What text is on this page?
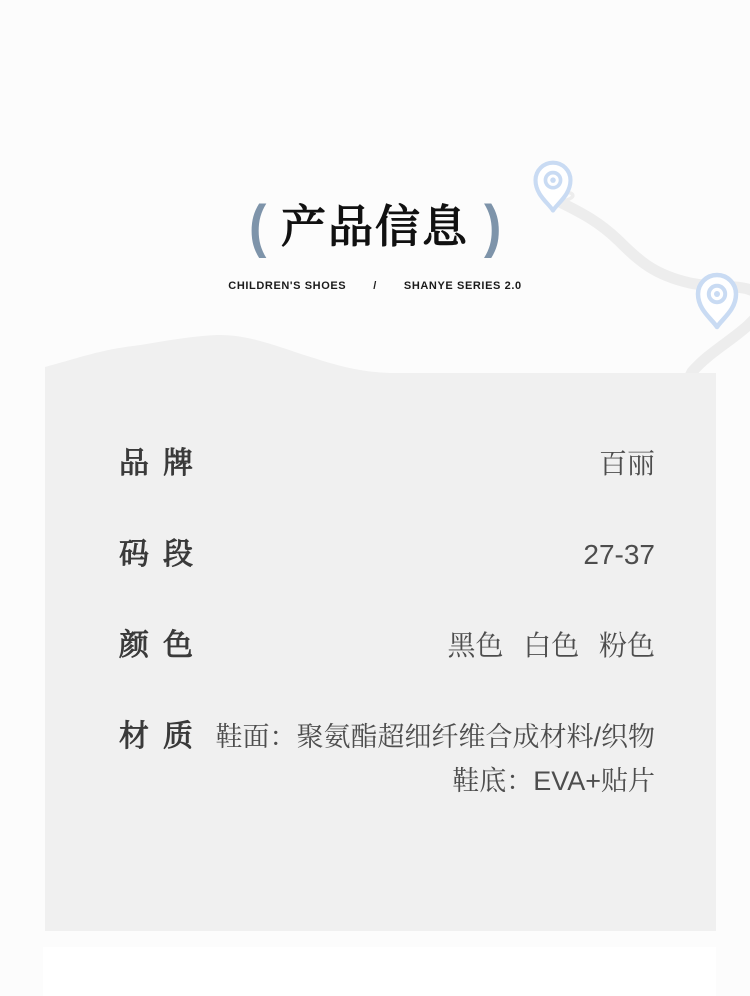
( 产品信息 )
CHILDREN'S SHOES / SHANYE SERIES 2.0
品牌	百丽
码段	27-37
颜色	黑色 白色 粉色
材质 鞋面：聚氨酯超细纤维合成材料/织物
鞋底：EVA+贴片
